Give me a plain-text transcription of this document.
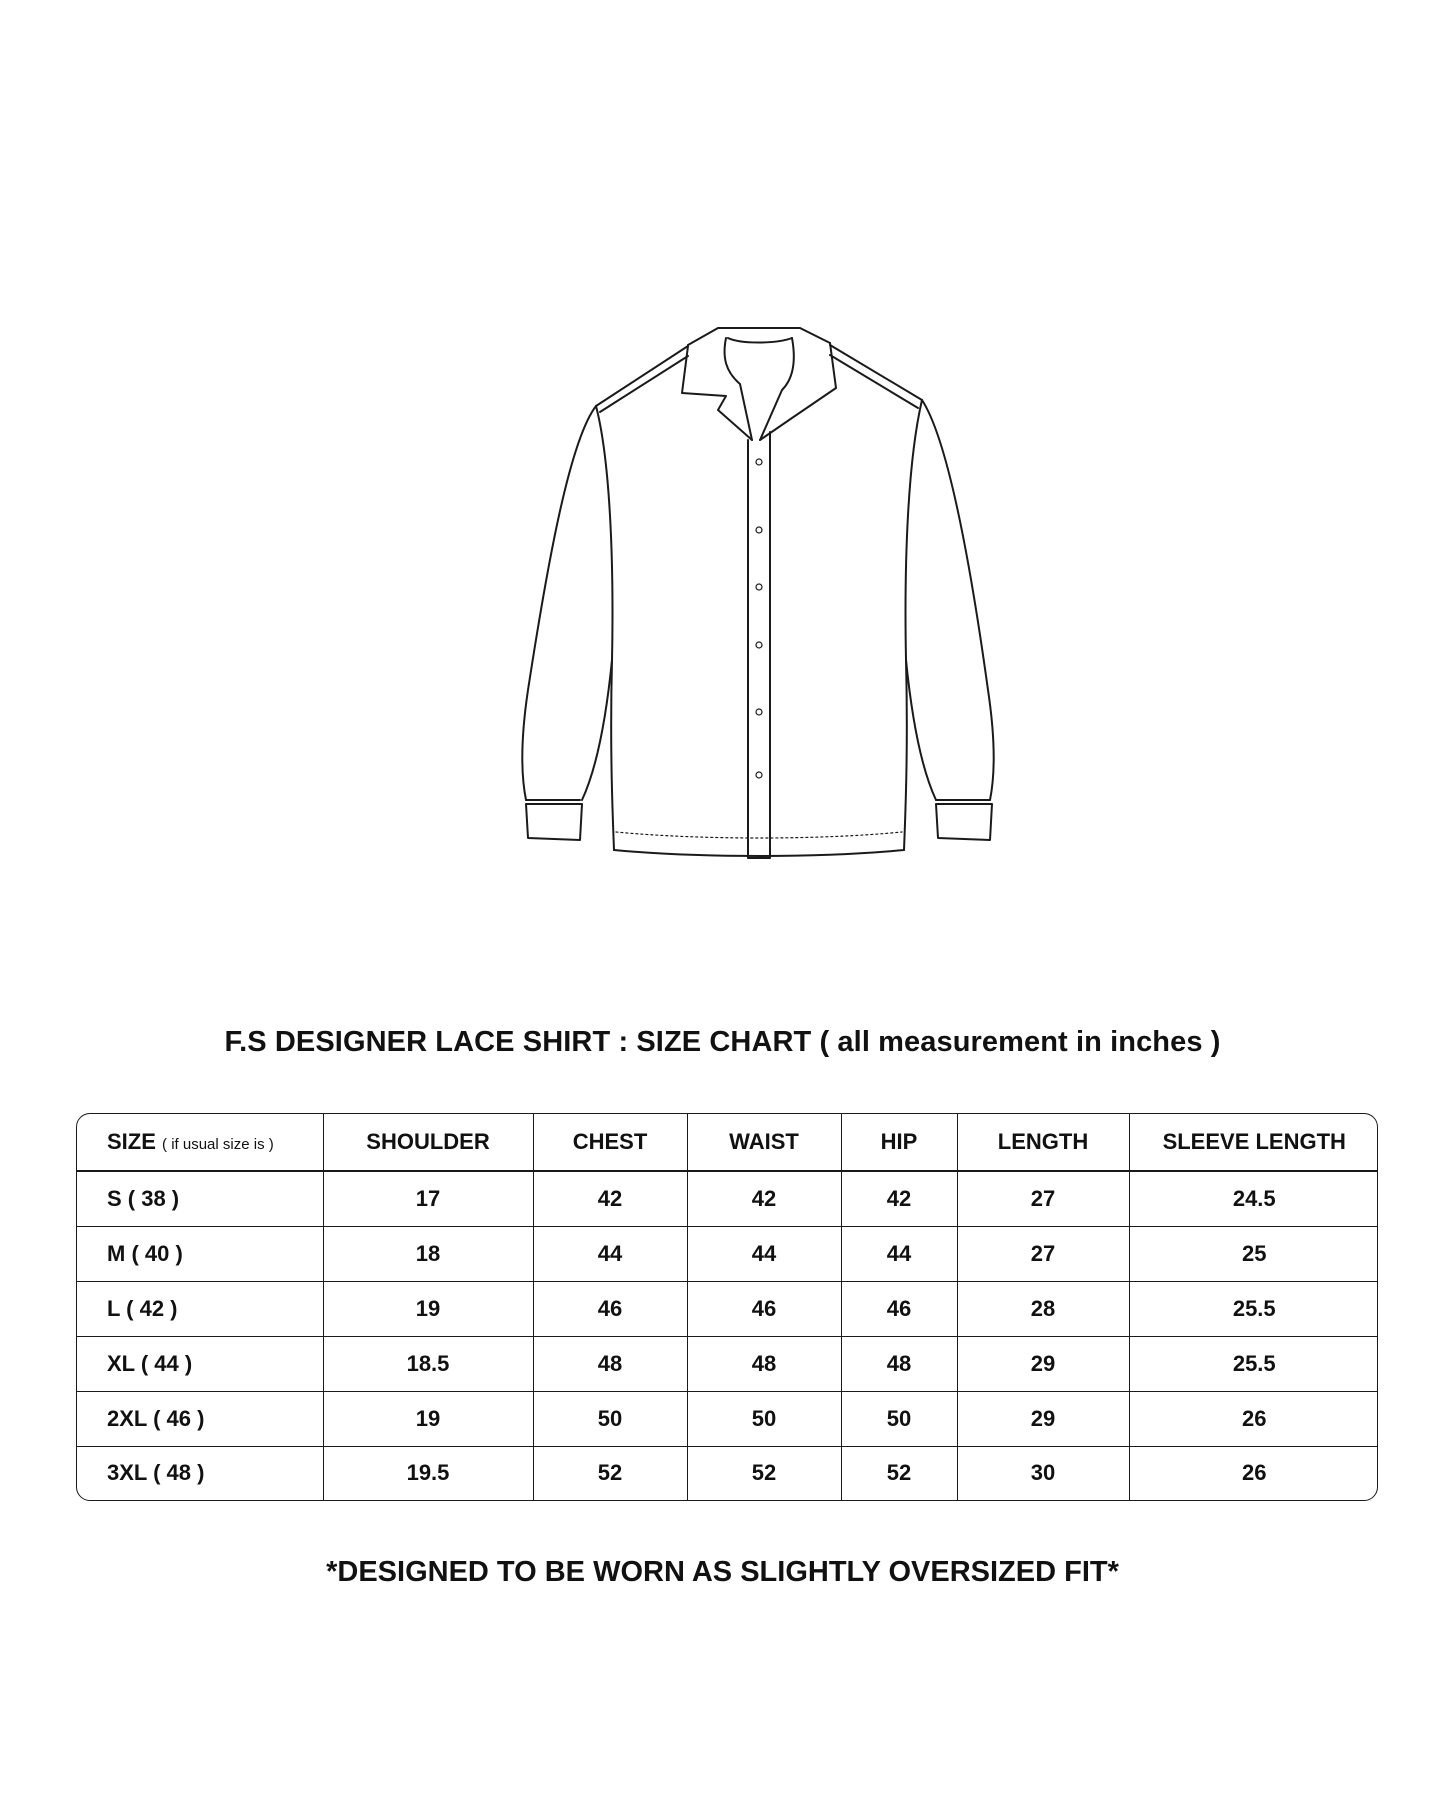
F.S DESIGNER LACE SHIRT : SIZE CHART ( all measurement in inches )
SIZE ( if usual size is )	SHOULDER	CHEST	WAIST	HIP	LENGTH	SLEEVE LENGTH
S ( 38 )	17	42	42	42	27	24.5
M ( 40 )	18	44	44	44	27	25
L ( 42 )	19	46	46	46	28	25.5
XL ( 44 )	18.5	48	48	48	29	25.5
2XL ( 46 )	19	50	50	50	29	26
3XL ( 48 )	19.5	52	52	52	30	26
*DESIGNED TO BE WORN AS SLIGHTLY OVERSIZED FIT*
